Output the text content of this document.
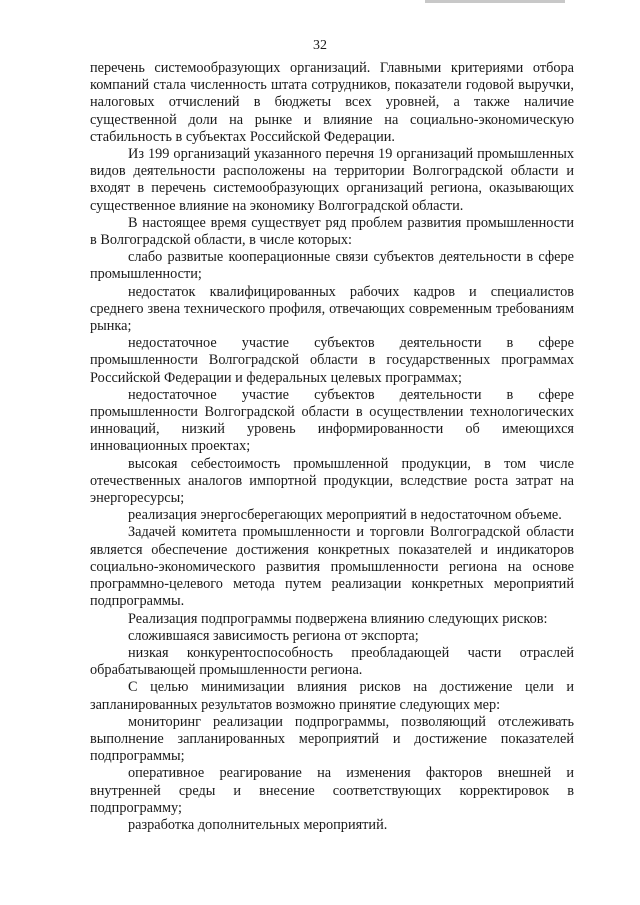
32

перечень системообразующих организаций. Главными критериями отбора компаний стала численность штата сотрудников, показатели годовой выручки, налоговых отчислений в бюджеты всех уровней, а также наличие существенной доли на рынке и влияние на социально-экономическую стабильность в субъектах Российской Федерации.

Из 199 организаций указанного перечня 19 организаций промышленных видов деятельности расположены на территории Волгоградской области и входят в перечень системообразующих организаций региона, оказывающих существенное влияние на экономику Волгоградской области.

В настоящее время существует ряд проблем развития промышленности в Волгоградской области, в числе которых:

слабо развитые кооперационные связи субъектов деятельности в сфере промышленности;

недостаток квалифицированных рабочих кадров и специалистов среднего звена технического профиля, отвечающих современным требованиям рынка;

недостаточное участие субъектов деятельности в сфере промышленности Волгоградской области в государственных программах Российской Федерации и федеральных целевых программах;

недостаточное участие субъектов деятельности в сфере промышленности Волгоградской области в осуществлении технологических инноваций, низкий уровень информированности об имеющихся инновационных проектах;

высокая себестоимость промышленной продукции, в том числе отечественных аналогов импортной продукции, вследствие роста затрат на энергоресурсы;

реализация энергосберегающих мероприятий в недостаточном объеме.

Задачей комитета промышленности и торговли Волгоградской области является обеспечение достижения конкретных показателей и индикаторов социально-экономического развития промышленности региона на основе программно-целевого метода путем реализации конкретных мероприятий подпрограммы.

Реализация подпрограммы подвержена влиянию следующих рисков:

сложившаяся зависимость региона от экспорта;

низкая конкурентоспособность преобладающей части отраслей обрабатывающей промышленности региона.

С целью минимизации влияния рисков на достижение цели и запланированных результатов возможно принятие следующих мер:

мониторинг реализации подпрограммы, позволяющий отслеживать выполнение запланированных мероприятий и достижение показателей подпрограммы;

оперативное реагирование на изменения факторов внешней и внутренней среды и внесение соответствующих корректировок в подпрограмму;

разработка дополнительных мероприятий.
